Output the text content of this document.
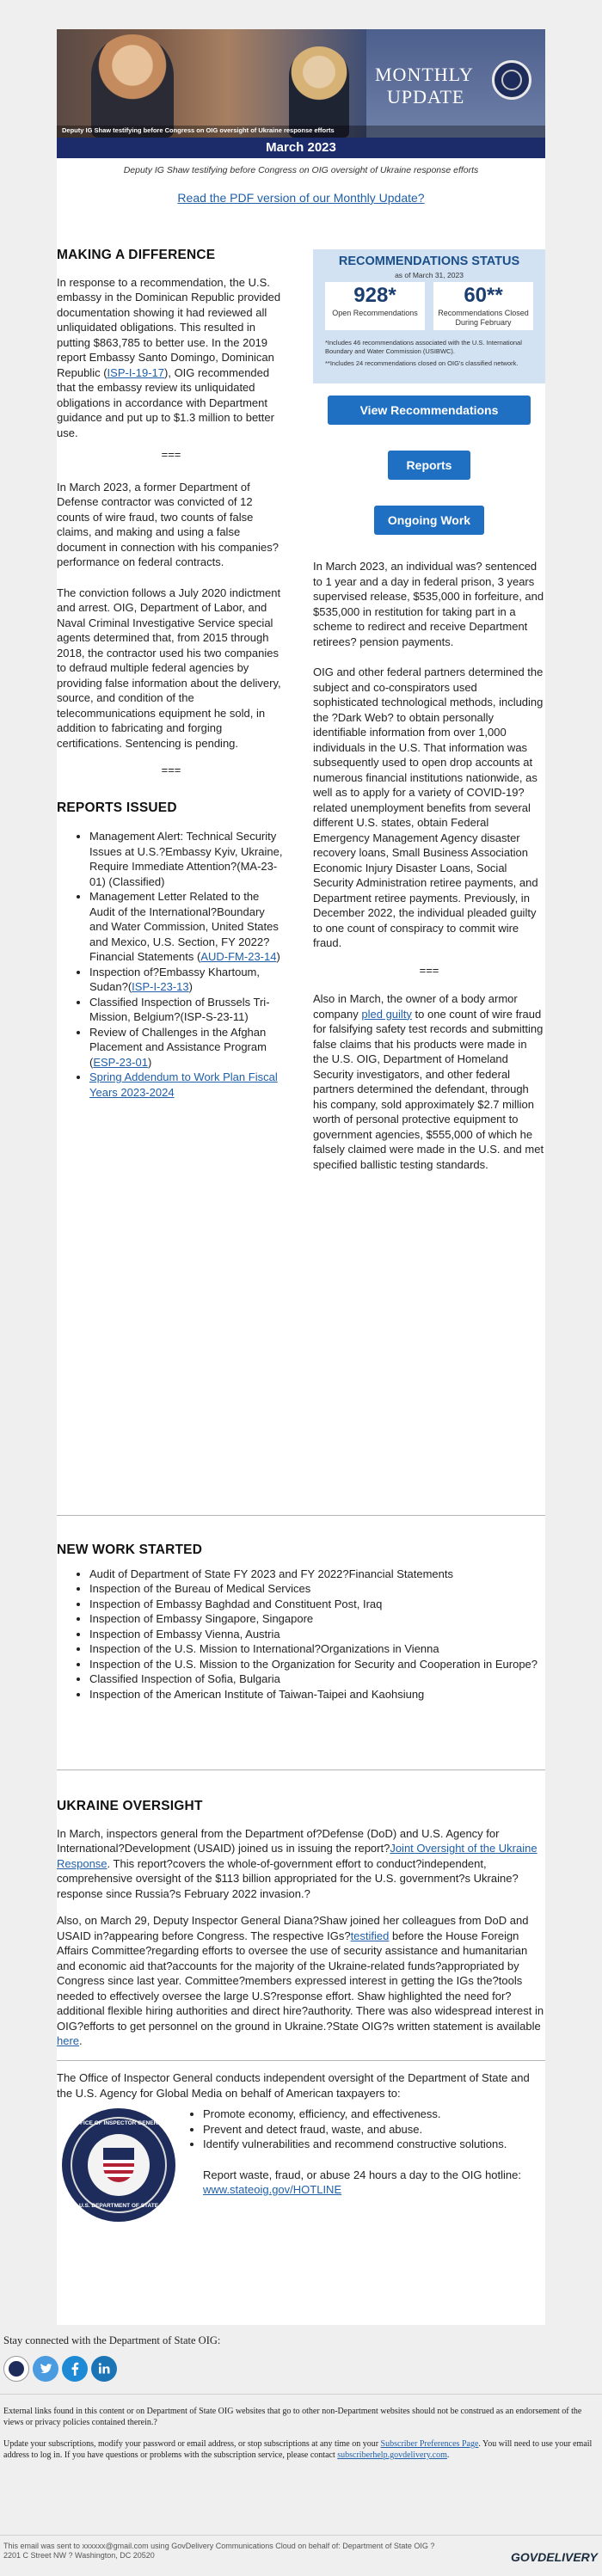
MONTHLY
UPDATE
Deputy IG Shaw testifying before Congress on OIG oversight of Ukraine response efforts
March 2023
Deputy IG Shaw testifying before Congress on OIG oversight of Ukraine response efforts
Read the PDF version of our Monthly Update?
MAKING A DIFFERENCE

In response to a recommendation, the U.S. embassy in the Dominican Republic provided documentation showing it had reviewed all unliquidated obligations. This resulted in putting $863,785 to better use. In the 2019 report Embassy Santo Domingo, Dominican Republic (ISP-I-19-17), OIG recommended that the embassy review its unliquidated obligations in accordance with Department guidance and put up to $1.3 million to better use.

===

In March 2023, a former Department of Defense contractor was convicted of 12 counts of wire fraud, two counts of false claims, and making and using a false document in connection with his companies? performance on federal contracts.

The conviction follows a July 2020 indictment and arrest. OIG, Department of Labor, and Naval Criminal Investigative Service special agents determined that, from 2015 through 2018, the contractor used his two companies to defraud multiple federal agencies by providing false information about the delivery, source, and condition of the telecommunications equipment he sold, in addition to fabricating and forging certifications. Sentencing is pending.

===

REPORTS ISSUED
• Management Alert: Technical Security Issues at U.S.?Embassy Kyiv, Ukraine, Require Immediate Attention?(MA-23-01) (Classified)
• Management Letter Related to the Audit of the International?Boundary and Water Commission, United States and Mexico, U.S. Section, FY 2022?Financial Statements (AUD-FM-23-14)
• Inspection of?Embassy Khartoum, Sudan?(ISP-I-23-13)
• Classified Inspection of Brussels Tri-Mission, Belgium?(ISP-S-23-11)
• Review of Challenges in the Afghan Placement and Assistance Program (ESP-23-01)
• Spring Addendum to Work Plan Fiscal Years 2023-2024
RECOMMENDATIONS STATUS
as of March 31, 2023
928*
Open Recommendations
60**
Recommendations Closed During February
*Includes 46 recommendations associated with the U.S. International Boundary and Water Commission (USIBWC).
**Includes 24 recommendations closed on OIG's classified network.
View Recommendations
Reports
Ongoing Work

In March 2023, an individual was? sentenced to 1 year and a day in federal prison, 3 years supervised release, $535,000 in forfeiture, and $535,000 in restitution for taking part in a scheme to redirect and receive Department retirees? pension payments.

OIG and other federal partners determined the subject and co-conspirators used sophisticated technological methods, including the ?Dark Web? to obtain personally identifiable information from over 1,000 individuals in the U.S. That information was subsequently used to open drop accounts at numerous financial institutions nationwide, as well as to apply for a variety of COVID-19?related unemployment benefits from several different U.S. states, obtain Federal Emergency Management Agency disaster recovery loans, Small Business Association Economic Injury Disaster Loans, Social Security Administration retiree payments, and Department retiree payments. Previously, in December 2022, the individual pleaded guilty to one count of conspiracy to commit wire fraud.

===

Also in March, the owner of a body armor company pled guilty to one count of wire fraud for falsifying safety test records and submitting false claims that his products were made in the U.S. OIG, Department of Homeland Security investigators, and other federal partners determined the defendant, through his company, sold approximately $2.7 million worth of personal protective equipment to government agencies, $555,000 of which he falsely claimed were made in the U.S. and met specified ballistic testing standards.

NEW WORK STARTED
• Audit of Department of State FY 2023 and FY 2022?Financial Statements
• Inspection of the Bureau of Medical Services
• Inspection of Embassy Baghdad and Constituent Post, Iraq
• Inspection of Embassy Singapore, Singapore
• Inspection of Embassy Vienna, Austria
• Inspection of the U.S. Mission to International?Organizations in Vienna
• Inspection of the U.S. Mission to the Organization for Security and Cooperation in Europe?
• Classified Inspection of Sofia, Bulgaria
• Inspection of the American Institute of Taiwan-Taipei and Kaohsiung
UKRAINE OVERSIGHT

In March, inspectors general from the Department of?Defense (DoD) and U.S. Agency for International?Development (USAID) joined us in issuing the report?Joint Oversight of the Ukraine Response. This report?covers the whole-of-government effort to conduct?independent, comprehensive oversight of the $113 billion appropriated for the U.S. government?s Ukraine?response since Russia?s February 2022 invasion.?

Also, on March 29, Deputy Inspector General Diana?Shaw joined her colleagues from DoD and USAID in?appearing before Congress. The respective IGs?testified before the House Foreign Affairs Committee?regarding efforts to oversee the use of security assistance and humanitarian and economic aid that?accounts for the majority of the Ukraine-related funds?appropriated by Congress since last year. Committee?members expressed interest in getting the IGs the?tools needed to effectively oversee the large U.S?response effort. Shaw highlighted the need for?additional flexible hiring authorities and direct hire?authority. There was also widespread interest in OIG?efforts to get personnel on the ground in Ukraine.?State OIG?s written statement is available here.

The Office of Inspector General conducts independent oversight of the Department of State and the U.S. Agency for Global Media on behalf of American taxpayers to:
OFFICE OF INSPECTOR GENERAL
U.S. DEPARTMENT OF STATE
• Promote economy, efficiency, and effectiveness.
• Prevent and detect fraud, waste, and abuse.
• Identify vulnerabilities and recommend constructive solutions.

Report waste, fraud, or abuse 24 hours a day to the OIG hotline: www.stateoig.gov/HOTLINE

Stay connected with the Department of State OIG:
External links found in this content or on Department of State OIG websites that go to other non-Department websites should not be construed as an endorsement of the views or privacy policies contained therein.?
Update your subscriptions, modify your password or email address, or stop subscriptions at any time on your Subscriber Preferences Page. You will need to use your email address to log in. If you have questions or problems with the subscription service, please contact subscriberhelp.govdelivery.com.
This email was sent to xxxxxx@gmail.com using GovDelivery Communications Cloud on behalf of: Department of State OIG ?
2201 C Street NW ? Washington, DC 20520	GOVDELIVERY
